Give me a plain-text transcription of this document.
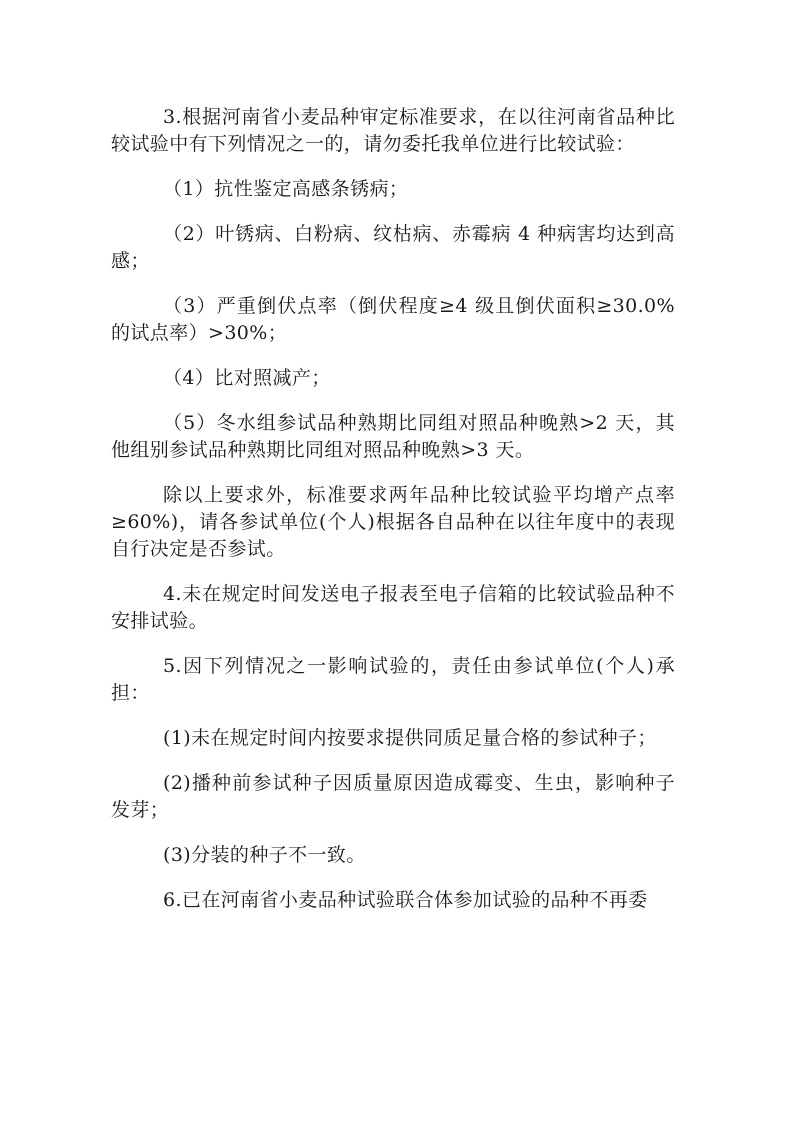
3.根据河南省小麦品种审定标准要求，在以往河南省品种比较试验中有下列情况之一的，请勿委托我单位进行比较试验：

（1）抗性鉴定高感条锈病；

（2）叶锈病、白粉病、纹枯病、赤霉病 4 种病害均达到高感；

（3）严重倒伏点率（倒伏程度≥4 级且倒伏面积≥30.0%的试点率）>30%；

（4）比对照减产；

（5）冬水组参试品种熟期比同组对照品种晚熟>2 天，其他组别参试品种熟期比同组对照品种晚熟>3 天。

除以上要求外，标准要求两年品种比较试验平均增产点率≥60%)，请各参试单位(个人)根据各自品种在以往年度中的表现自行决定是否参试。

4.未在规定时间发送电子报表至电子信箱的比较试验品种不安排试验。

5.因下列情况之一影响试验的，责任由参试单位(个人)承担：

(1)未在规定时间内按要求提供同质足量合格的参试种子；

(2)播种前参试种子因质量原因造成霉变、生虫，影响种子发芽；

(3)分装的种子不一致。

6.已在河南省小麦品种试验联合体参加试验的品种不再委
